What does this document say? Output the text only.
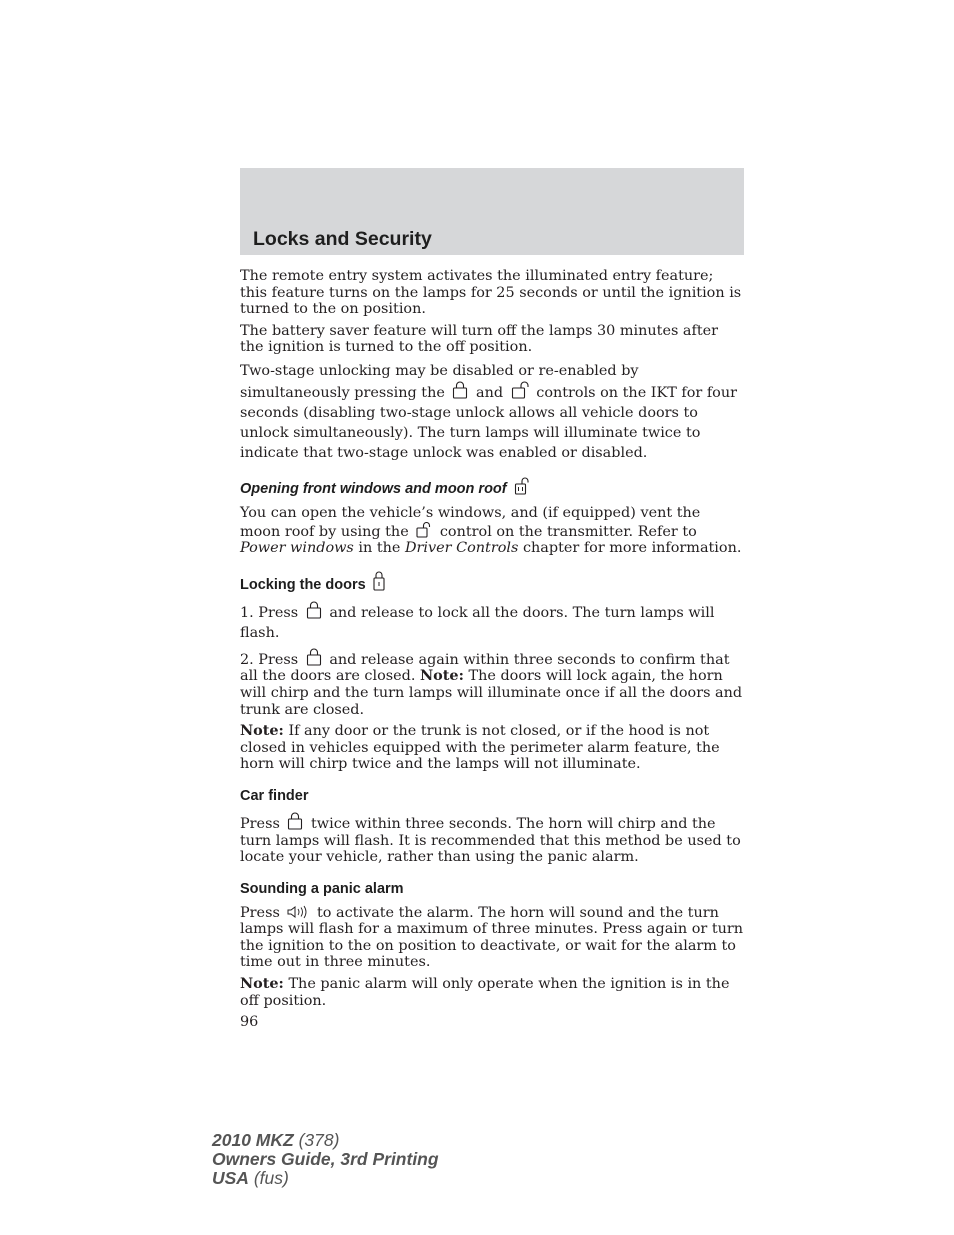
Locks and Security

The remote entry system activates the illuminated entry feature; this feature turns on the lamps for 25 seconds or until the ignition is turned to the on position.

The battery saver feature will turn off the lamps 30 minutes after the ignition is turned to the off position.

Two-stage unlocking may be disabled or re-enabled by simultaneously pressing the and controls on the IKT for four seconds (disabling two-stage unlock allows all vehicle doors to unlock simultaneously). The turn lamps will illuminate twice to indicate that two-stage unlock was enabled or disabled.

Opening front windows and moon roof

You can open the vehicle’s windows, and (if equipped) vent the moon roof by using the control on the transmitter. Refer to Power windows in the Driver Controls chapter for more information.

Locking the doors

1. Press and release to lock all the doors. The turn lamps will flash.

2. Press and release again within three seconds to confirm that all the doors are closed. Note: The doors will lock again, the horn will chirp and the turn lamps will illuminate once if all the doors and trunk are closed.

Note: If any door or the trunk is not closed, or if the hood is not closed in vehicles equipped with the perimeter alarm feature, the horn will chirp twice and the lamps will not illuminate.

Car finder

Press twice within three seconds. The horn will chirp and the turn lamps will flash. It is recommended that this method be used to locate your vehicle, rather than using the panic alarm.

Sounding a panic alarm

Press	to activate the alarm. The horn will sound and the turn lamps will flash for a maximum of three minutes. Press again or turn the ignition to the on position to deactivate, or wait for the alarm to time out in three minutes.

Note: The panic alarm will only operate when the ignition is in the off position.

96
2010 MKZ (378)
Owners Guide, 3rd Printing
USA (fus)
